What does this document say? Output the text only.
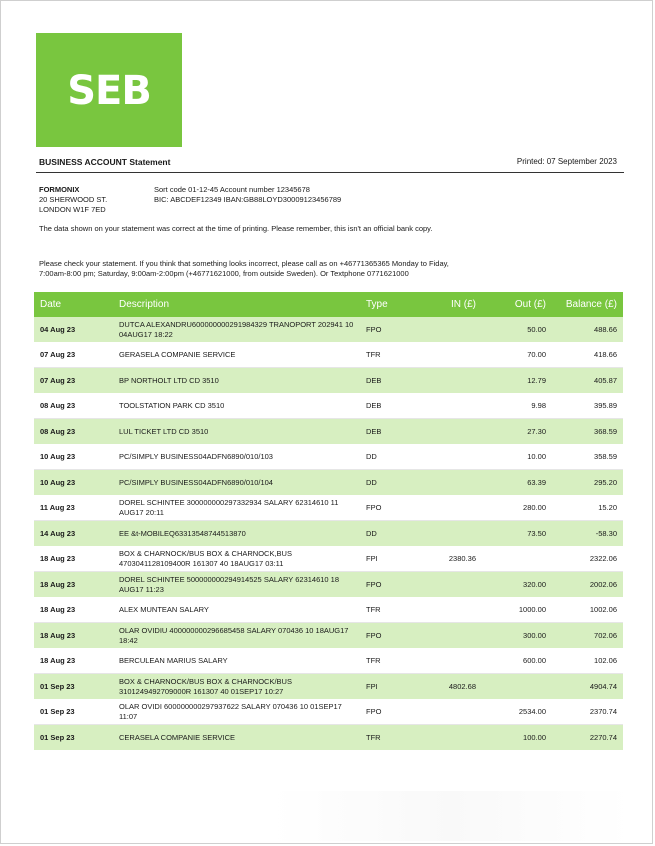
SEB
BUSINESS ACCOUNT Statement	Printed: 07 September 2023
FORMONIX
20 SHERWOOD ST.
LONDON W1F 7ED
Sort code 01-12-45 Account number 12345678
BIC: ABCDEF12349 IBAN:GB88LOYD30009123456789
The data shown on your statement was correct at the time of printing. Please remember, this isn't an official bank copy.
Please check your statement. If you think that something looks incorrect, please call as on +46771365365 Monday to Fiday, 7:00am-8:00 pm; Saturday, 9:00am-2:00pm (+46771621000, from outside Sweden). Or Textphone 0771621000
Date	Description	Type	IN (£)	Out (£)	Balance (£)
04 Aug 23	DUTCA ALEXANDRU600000000291984329 TRANOPORT 202941 10 04AUG17 18:22	FPO		50.00	488.66
07 Aug 23	GERASELA COMPANIE SERVICE	TFR		70.00	418.66
07 Aug 23	BP NORTHOLT LTD CD 3510	DEB		12.79	405.87
08 Aug 23	TOOLSTATION PARK CD 3510	DEB		9.98	395.89
08 Aug 23	LUL TICKET LTD CD 3510	DEB		27.30	368.59
10 Aug 23	PC/SIMPLY BUSINESS04ADFN6890/010/103	DD		10.00	358.59
10 Aug 23	PC/SIMPLY BUSINESS04ADFN6890/010/104	DD		63.39	295.20
11 Aug 23	DOREL SCHINTEE 300000000297332934 SALARY 62314610 11 AUG17 20:11	FPO		280.00	15.20
14 Aug 23	EE &t-MOBILEQ63313548744513870	DD		73.50	-58.30
18 Aug 23	BOX & CHARNOCK/BUS BOX & CHARNOCK,BUS 4703041128109400R 161307 40 18AUG17 03:11	FPI	2380.36		2322.06
18 Aug 23	DOREL SCHINTEE 500000000294914525 SALARY 62314610 18 AUG17 11:23	FPO		320.00	2002.06
18 Aug 23	ALEX MUNTEAN SALARY	TFR		1000.00	1002.06
18 Aug 23	OLAR OVIDIU 400000000296685458 SALARY 070436 10 18AUG17 18:42	FPO		300.00	702.06
18 Aug 23	BERCULEAN MARIUS SALARY	TFR		600.00	102.06
01 Sep 23	BOX & CHARNOCK/BUS BOX & CHARNOCK/BUS 3101249492709000R 161307 40 01SEP17 10:27	FPI	4802.68		4904.74
01 Sep 23	OLAR OVIDI 600000000297937622 SALARY 070436 10 01SEP17 11:07	FPO		2534.00	2370.74
01 Sep 23	CERASELA COMPANIE SERVICE	TFR		100.00	2270.74
